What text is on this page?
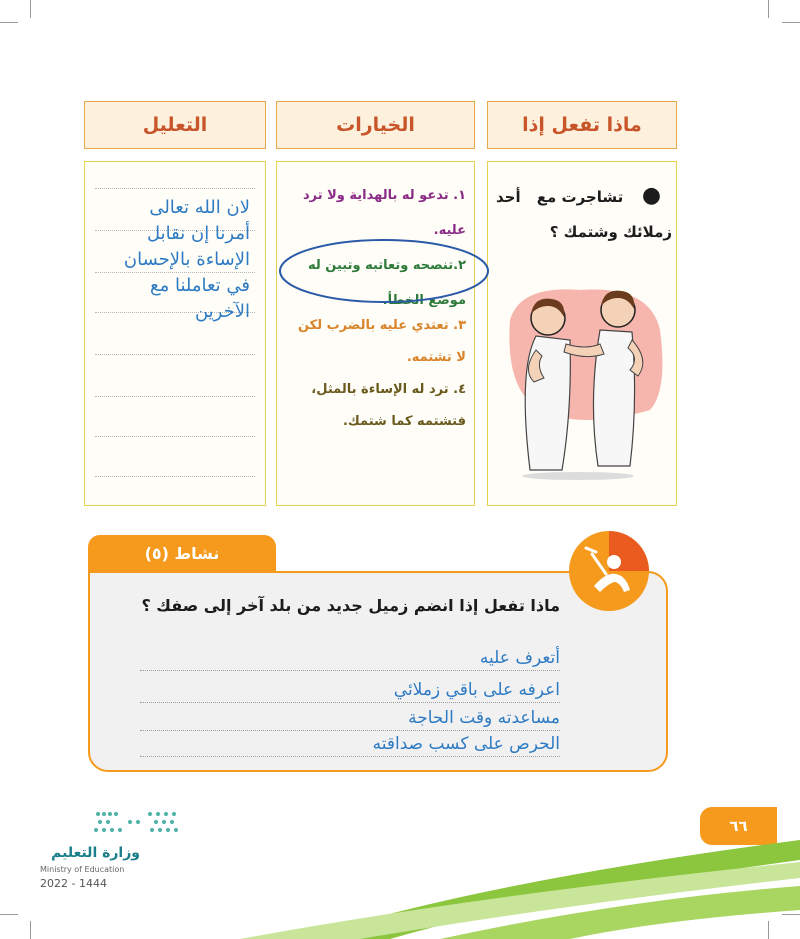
التعليل	الخيارات	ماذا تفعل إذا
لان الله تعالى أمرنا إن نقابل الإساءة بالإحسان في تعاملنا مع الآخرين
١. تدعو له بالهداية ولا ترد عليه.
٢.تنصحه وتعاتبه وتبين له موضع الخطأ.
٣. تعتدي عليه بالضرب لكن لا تشتمه.
٤. ترد له الإساءة بالمثل، فتشتمه كما شتمك.
● تشاجرت مع أحد زملائك وشتمك ؟
نشاط (٥)
ماذا تفعل إذا انضم زميل جديد من بلد آخر إلى صفك ؟
أتعرف عليه
اعرفه على باقي زملائي
مساعدته وقت الحاجة
الحرص على كسب صداقته
٦٦
وزارة التعليم
Ministry of Education
2022 - 1444
